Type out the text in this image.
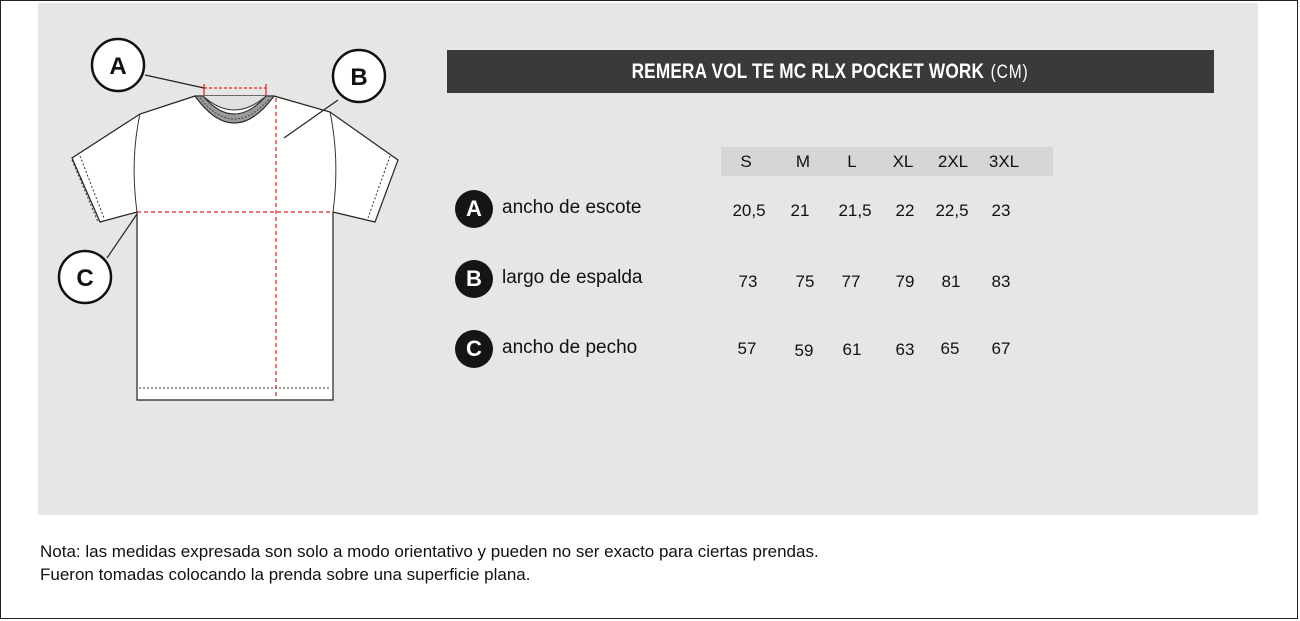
A	B
C
REMERA VOL TE MC RLX POCKET WORK (CM)
S	M	L	XL	2XL	3XL
A	ancho de escote	20,5	21	21,5	22	22,5	23
B	largo de espalda	73	75	77	79	81	83
C	ancho de pecho	57	59	61	63	65	67
Nota: las medidas expresada son solo a modo orientativo y pueden no ser exacto para ciertas prendas.
Fueron tomadas colocando la prenda sobre una superficie plana.
